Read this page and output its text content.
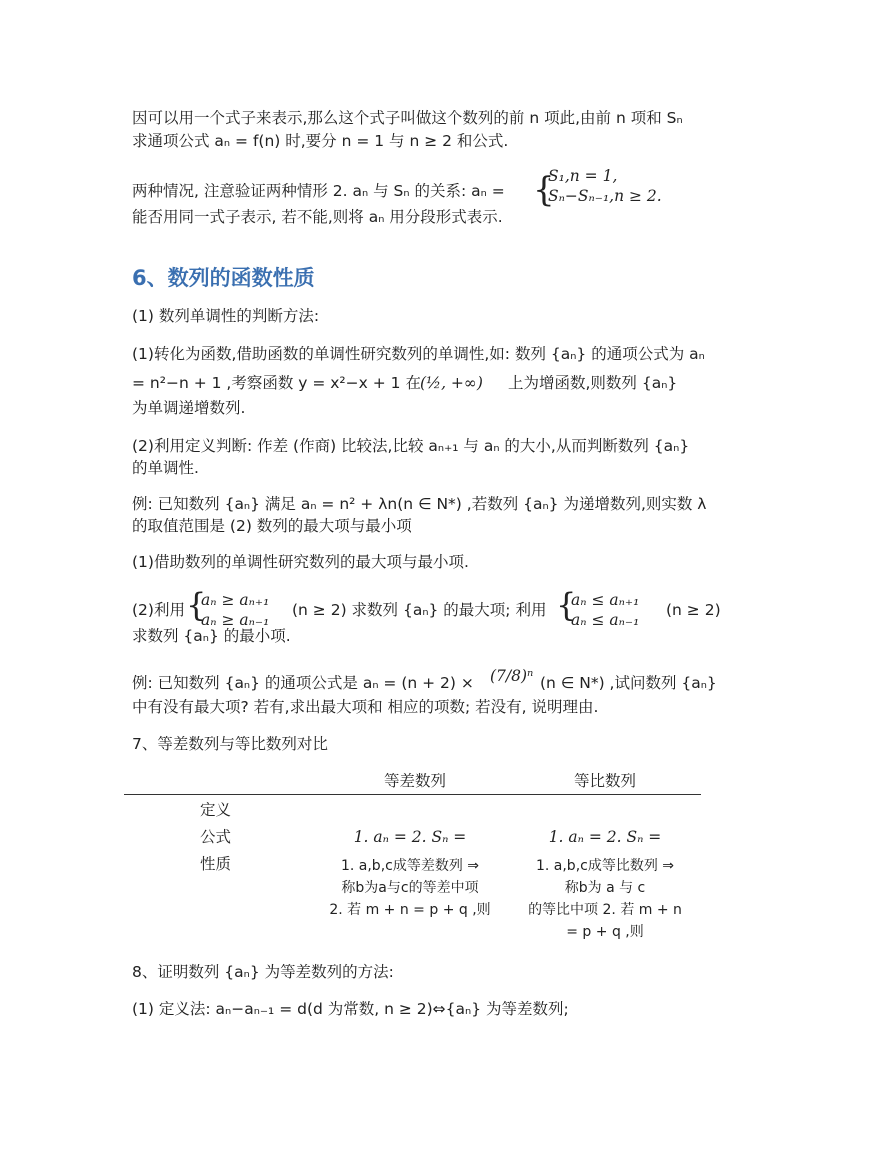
因可以用一个式子来表示,那么这个式子叫做这个数列的前 n 项此,由前 n 项和 Sₙ
求通项公式 aₙ = f(n) 时,要分 n = 1 与 n ≥ 2 和公式.
两种情况, 注意验证两种情形 2. aₙ 与 Sₙ 的关系: aₙ = {
S₁,n = 1,
Sₙ−Sₙ₋₁,n ≥ 2.
能否用同一式子表示, 若不能,则将 aₙ 用分段形式表示.
6、数列的函数性质
(1) 数列单调性的判断方法:
(1)转化为函数,借助函数的单调性研究数列的单调性,如: 数列 {aₙ} 的通项公式为 aₙ
= n²−n + 1 ,考察函数 y = x²−x + 1 在 (½, +∞) 上为增函数,则数列 {aₙ}
为单调递增数列.
(2)利用定义判断: 作差 (作商) 比较法,比较 aₙ₊₁ 与 aₙ 的大小,从而判断数列 {aₙ}
的单调性.
例: 已知数列 {aₙ} 满足 aₙ = n² + λn(n ∈ N*) ,若数列 {aₙ} 为递增数列,则实数 λ
的取值范围是 (2) 数列的最大项与最小项
(1)借助数列的单调性研究数列的最大项与最小项.
(2)利用 {
aₙ ≥ aₙ₊₁
aₙ ≥ aₙ₋₁
(n ≥ 2) 求数列 {aₙ} 的最大项; 利用 {
aₙ ≤ aₙ₊₁
aₙ ≤ aₙ₋₁
(n ≥ 2)
求数列 {aₙ} 的最小项.
例: 已知数列 {aₙ} 的通项公式是 aₙ = (n + 2) × (7/8)ⁿ (n ∈ N*) ,试问数列 {aₙ}
中有没有最大项? 若有,求出最大项和 相应的项数; 若没有, 说明理由.
7、等差数列与等比数列对比
等差数列	等比数列
定义
公式
性质
1. aₙ = 2. Sₙ =	1. aₙ = 2. Sₙ =
1. a,b,c成等差数列 ⇒
称b为a与c的等差中项
2. 若 m + n = p + q ,则
1. a,b,c成等比数列 ⇒
称b为 a 与 c
的等比中项 2. 若 m + n
= p + q ,则
8、证明数列 {aₙ} 为等差数列的方法:
(1) 定义法: aₙ−aₙ₋₁ = d(d 为常数, n ≥ 2)⇔{aₙ} 为等差数列;
